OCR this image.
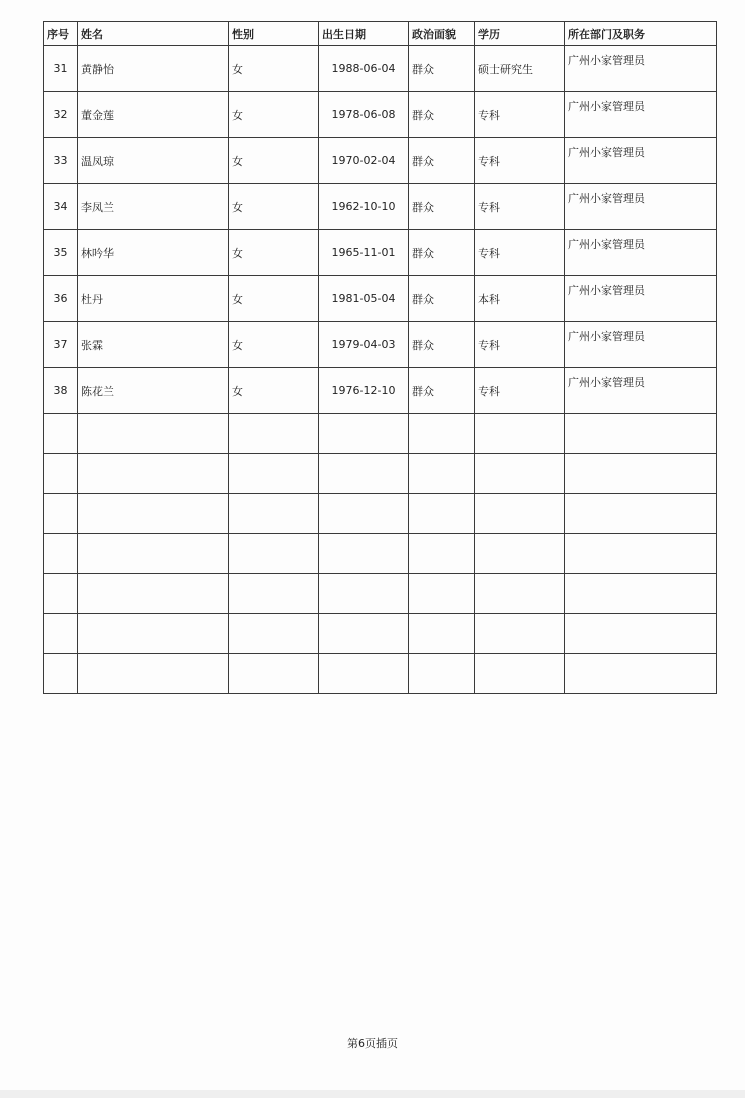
序号	姓名	性别	出生日期	政治面貌	学历	所在部门及职务
31	黄静怡	女	1988-06-04	群众	硕士研究生	广州小家管理员
32	董金莲	女	1978-06-08	群众	专科	广州小家管理员
33	温凤琼	女	1970-02-04	群众	专科	广州小家管理员
34	李凤兰	女	1962-10-10	群众	专科	广州小家管理员
35	林吟华	女	1965-11-01	群众	专科	广州小家管理员
36	杜丹	女	1981-05-04	群众	本科	广州小家管理员
37	张霖	女	1979-04-03	群众	专科	广州小家管理员
38	陈花兰	女	1976-12-10	群众	专科	广州小家管理员

第6页插页
